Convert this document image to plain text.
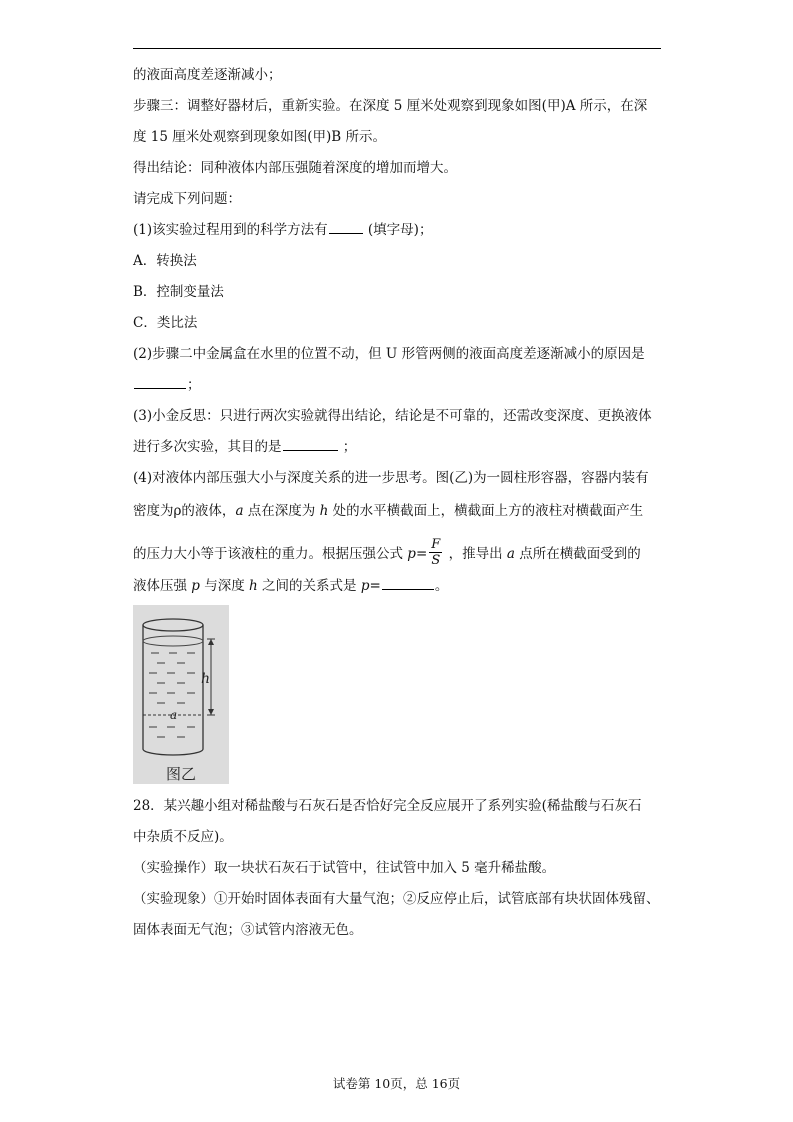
的液面高度差逐渐减小；
步骤三：调整好器材后，重新实验。在深度 5 厘米处观察到现象如图(甲)A 所示，在深
度 15 厘米处观察到现象如图(甲)B 所示。
得出结论：同种液体内部压强随着深度的增加而增大。
请完成下列问题：
(1)该实验过程用到的科学方法有	(填字母)；
A．转换法
B．控制变量法
C．类比法
(2)步骤二中金属盒在水里的位置不动，但 U 形管两侧的液面高度差逐渐减小的原因是
；
(3)小金反思：只进行两次实验就得出结论，结论是不可靠的，还需改变深度、更换液体
进行多次实验，其目的是	；
(4)对液体内部压强大小与深度关系的进一步思考。图(乙)为一圆柱形容器，容器内装有
密度为ρ的液体，a 点在深度为 h 处的水平横截面上，横截面上方的液柱对横截面产生
的压力大小等于该液柱的重力。根据压强公式 $p= \frac{F}{S}$ ，推导出 a 点所在横截面受到的
液体压强 p 与深度 h 之间的关系式是 p=	。
h
a
图乙
28．某兴趣小组对稀盐酸与石灰石是否恰好完全反应展开了系列实验(稀盐酸与石灰石
中杂质不反应)。
（实验操作）取一块状石灰石于试管中，往试管中加入 5 毫升稀盐酸。
（实验现象）①开始时固体表面有大量气泡；②反应停止后，试管底部有块状固体残留、
固体表面无气泡；③试管内溶液无色。
试卷第 10页，总 16页
